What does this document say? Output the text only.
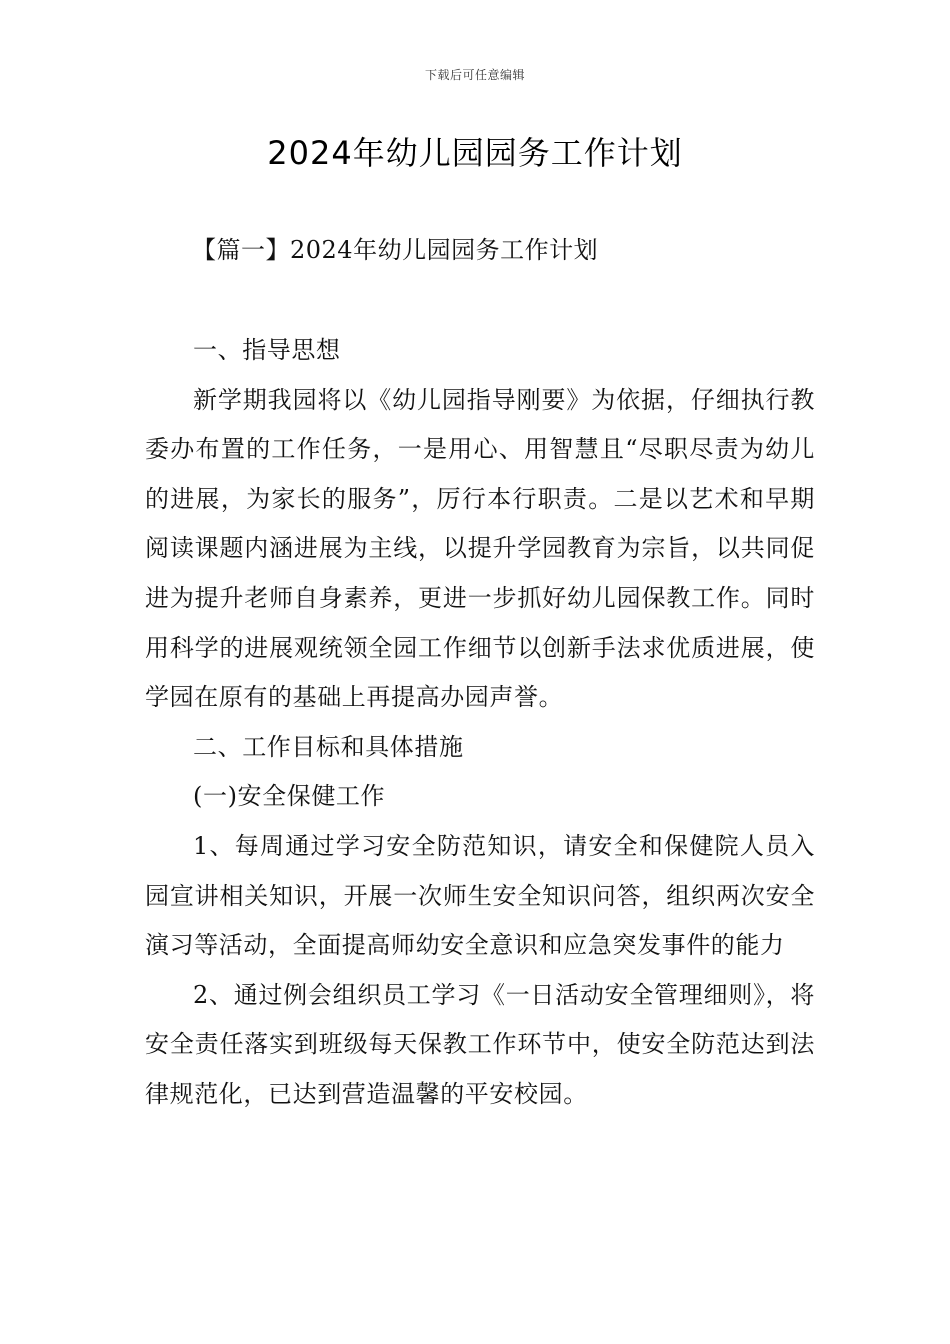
下载后可任意编辑
2024年幼儿园园务工作计划
【篇一】2024年幼儿园园务工作计划

一、指导思想

新学期我园将以《幼儿园指导刚要》为依据，仔细执行教委办布置的工作任务，一是用心、用智慧且“尽职尽责为幼儿的进展，为家长的服务”，厉行本行职责。二是以艺术和早期阅读课题内涵进展为主线，以提升学园教育为宗旨，以共同促进为提升老师自身素养，更进一步抓好幼儿园保教工作。同时用科学的进展观统领全园工作细节以创新手法求优质进展，使学园在原有的基础上再提高办园声誉。

二、工作目标和具体措施

(一)安全保健工作

1、每周通过学习安全防范知识，请安全和保健院人员入园宣讲相关知识，开展一次师生安全知识问答，组织两次安全演习等活动，全面提高师幼安全意识和应急突发事件的能力

2、通过例会组织员工学习《一日活动安全管理细则》，将安全责任落实到班级每天保教工作环节中，使安全防范达到法律规范化，已达到营造温馨的平安校园。
